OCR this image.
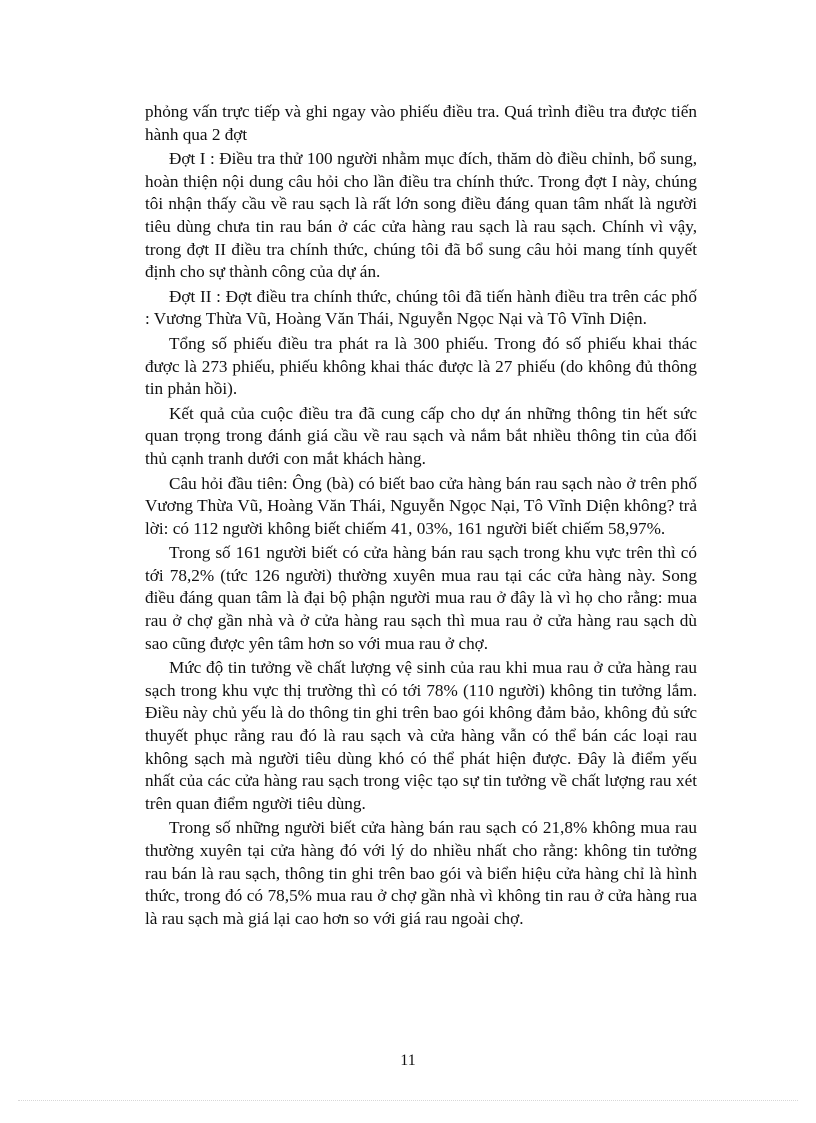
phỏng vấn trực tiếp và ghi ngay vào phiếu điều tra. Quá trình điều tra được tiến hành qua 2 đợt

Đợt I : Điều tra thử 100 người nhằm mục đích, thăm dò điều chỉnh, bổ sung, hoàn thiện nội dung câu hỏi cho lần điều tra chính thức. Trong đợt I này, chúng tôi nhận thấy cầu về rau sạch là rất lớn song điều đáng quan tâm nhất là người tiêu dùng chưa tin rau bán ở các cửa hàng rau sạch là rau sạch. Chính vì vậy, trong đợt II điều tra chính thức, chúng tôi đã bổ sung câu hỏi mang tính quyết định cho sự thành công của dự án.

Đợt II : Đợt điều tra chính thức, chúng tôi đã tiến hành điều tra trên các phố : Vương Thừa Vũ, Hoàng Văn Thái, Nguyễn Ngọc Nại và Tô Vĩnh Diện.

Tổng số phiếu điều tra phát ra là 300 phiếu. Trong đó số phiếu khai thác được là 273 phiếu, phiếu không khai thác được là 27 phiếu (do không đủ thông tin phản hồi).

Kết quả của cuộc điều tra đã cung cấp cho dự án những thông tin hết sức quan trọng trong đánh giá cầu về rau sạch và nắm bắt nhiều thông tin của đối thủ cạnh tranh dưới con mắt khách hàng.

Câu hỏi đầu tiên: Ông (bà) có biết bao cửa hàng bán rau sạch nào ở trên phố Vương Thừa Vũ, Hoàng Văn Thái, Nguyễn Ngọc Nại, Tô Vĩnh Diện không? trả lời: có 112 người không biết chiếm 41, 03%, 161 người biết chiếm 58,97%.

Trong số 161 người biết có cửa hàng bán rau sạch trong khu vực trên thì có tới 78,2% (tức 126 người) thường xuyên mua rau tại các cửa hàng này. Song điều đáng quan tâm là đại bộ phận người mua rau ở đây là vì họ cho rằng: mua rau ở chợ gần nhà và ở cửa hàng rau sạch thì mua rau ở cửa hàng rau sạch dù sao cũng được yên tâm hơn so với mua rau ở chợ.

Mức độ tin tưởng về chất lượng vệ sinh của rau khi mua rau ở cửa hàng rau sạch trong khu vực thị trường thì có tới 78% (110 người) không tin tưởng lắm. Điều này chủ yếu là do thông tin ghi trên bao gói không đảm bảo, không đủ sức thuyết phục rằng rau đó là rau sạch và cửa hàng vẫn có thể bán các loại rau không sạch mà người tiêu dùng khó có thể phát hiện được. Đây là điểm yếu nhất của các cửa hàng rau sạch trong việc tạo sự tin tưởng về chất lượng rau xét trên quan điểm người tiêu dùng.

Trong số những người biết cửa hàng bán rau sạch có 21,8% không mua rau thường xuyên tại cửa hàng đó với lý do nhiều nhất cho rằng: không tin tưởng rau bán là rau sạch, thông tin ghi trên bao gói và biển hiệu cửa hàng chỉ là hình thức, trong đó có 78,5% mua rau ở chợ gần nhà vì không tin rau ở cửa hàng rua là rau sạch mà giá lại cao hơn so với giá rau ngoài chợ.

11
